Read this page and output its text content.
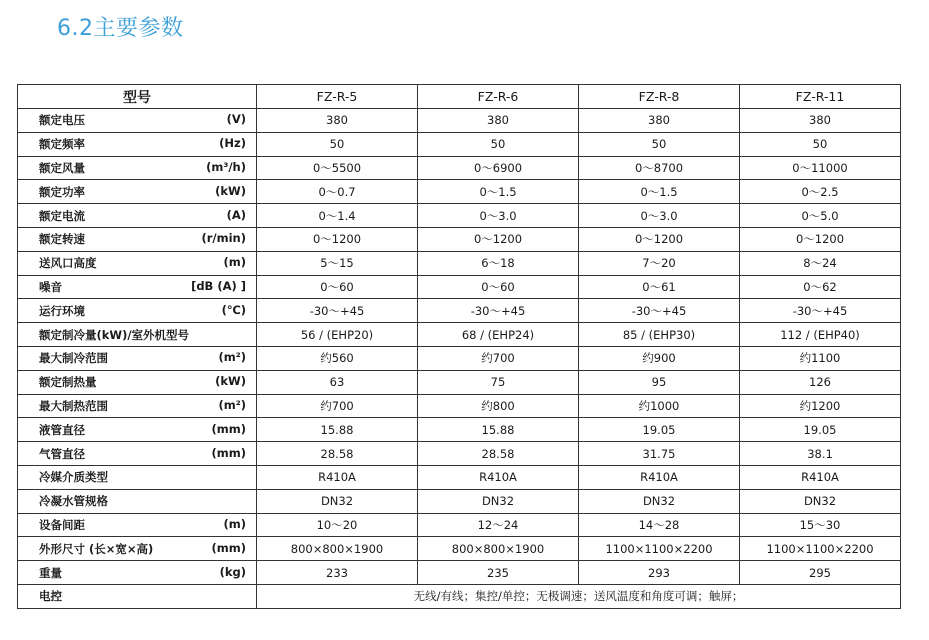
6.2主要参数
型号	FZ-R-5	FZ-R-6	FZ-R-8	FZ-R-11

额定电压 (V)	380	380	380	380

额定频率 (Hz)	50	50	50	50

额定风量 (m³/h)	0～5500	0～6900	0～8700	0～11000

额定功率 (kW)	0～0.7	0～1.5	0～1.5	0～2.5

额定电流 (A)	0～1.4	0～3.0	0～3.0	0～5.0

额定转速 (r/min)	0～1200	0～1200	0～1200	0～1200

送风口高度 (m)	5～15	6～18	7～20	8～24

噪音 [dB (A) ]	0～60	0～60	0～61	0～62

运行环境 (℃)	-30～+45	-30～+45	-30～+45	-30～+45

额定制冷量(kW)/室外机型号	56 / (EHP20)	68 / (EHP24)	85 / (EHP30)	112 / (EHP40)

最大制冷范围 (m²)	约560	约700	约900	约1100

额定制热量 (kW)	63	75	95	126

最大制热范围 (m²)	约700	约800	约1000	约1200

液管直径 (mm)	15.88	15.88	19.05	19.05

气管直径 (mm)	28.58	28.58	31.75	38.1

冷媒介质类型	R410A	R410A	R410A	R410A

冷凝水管规格	DN32	DN32	DN32	DN32

设备间距 (m)	10～20	12～24	14～28	15～30

外形尺寸 (长×宽×高) (mm)	800×800×1900	800×800×1900	1100×1100×2200	1100×1100×2200

重量 (kg)	233	235	293	295

电控	无线/有线；集控/单控；无极调速；送风温度和角度可调；触屏；			
